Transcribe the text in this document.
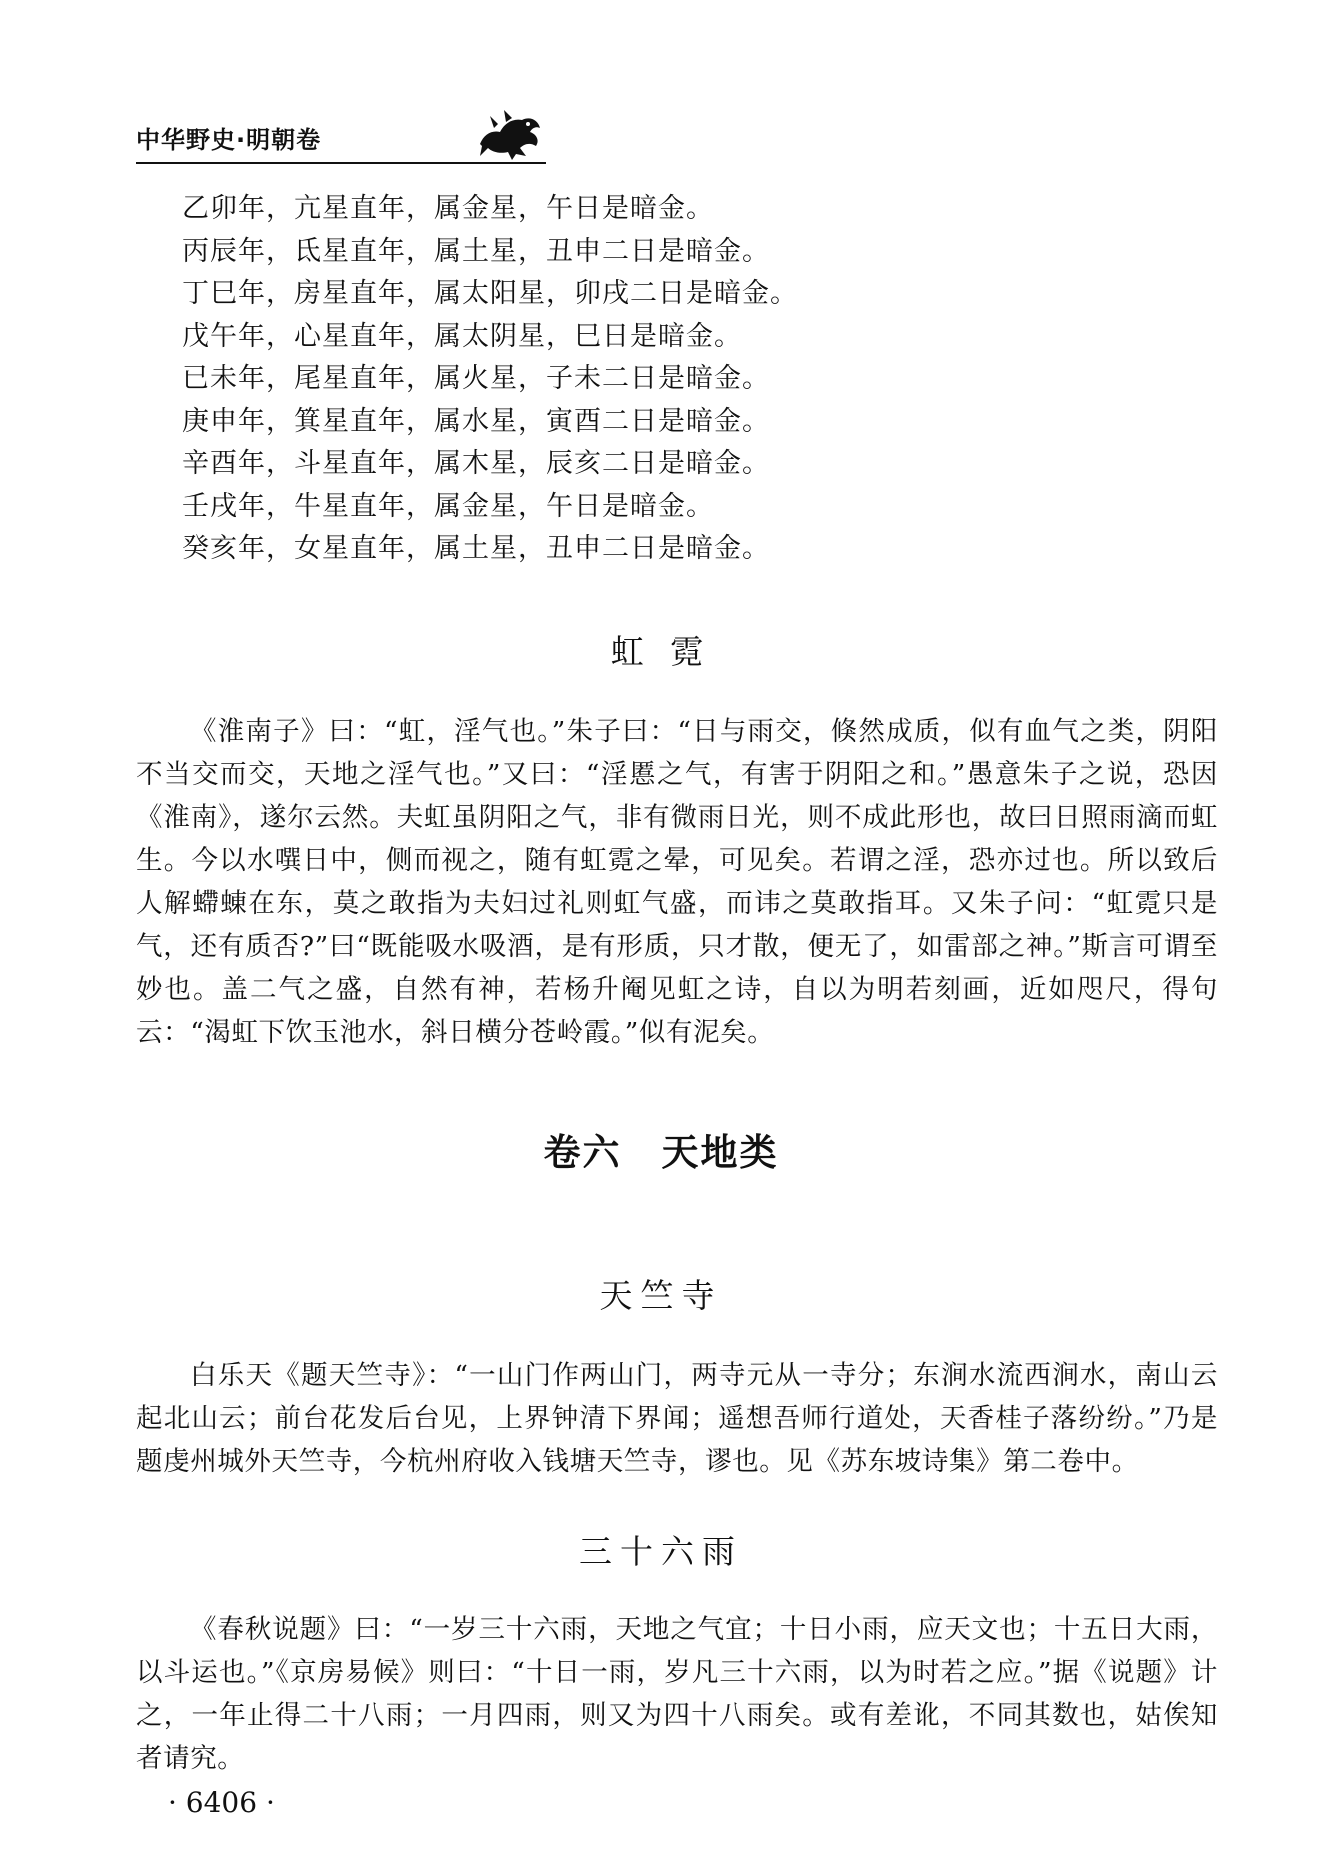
中华野史·明朝卷
乙卯年，亢星直年，属金星，午日是暗金。
丙辰年，氐星直年，属土星，丑申二日是暗金。
丁巳年，房星直年，属太阳星，卯戌二日是暗金。
戊午年，心星直年，属太阴星，巳日是暗金。
已未年，尾星直年，属火星，子未二日是暗金。
庚申年，箕星直年，属水星，寅酉二日是暗金。
辛酉年，斗星直年，属木星，辰亥二日是暗金。
壬戌年，牛星直年，属金星，午日是暗金。
癸亥年，女星直年，属土星，丑申二日是暗金。
虹 霓

《淮南子》曰：“虹，淫气也。”朱子曰：“日与雨交，倏然成质，似有血气之类，阴阳不当交而交，天地之淫气也。”又曰：“淫慝之气，有害于阴阳之和。”愚意朱子之说，恐因《淮南》，遂尔云然。夫虹虽阴阳之气，非有微雨日光，则不成此形也，故曰日照雨滴而虹生。今以水噀日中，侧而视之，随有虹霓之晕，可见矣。若谓之淫，恐亦过也。所以致后人解螮蝀在东，莫之敢指为夫妇过礼则虹气盛，而讳之莫敢指耳。又朱子问：“虹霓只是气，还有质否?”曰“既能吸水吸酒，是有形质，只才散，便无了，如雷部之神。”斯言可谓至妙也。盖二气之盛，自然有神，若杨升阉见虹之诗，自以为明若刻画，近如咫尺，得句云：“渴虹下饮玉池水，斜日横分苍岭霞。”似有泥矣。

卷六 天地类
天竺寺

白乐天《题天竺寺》：“一山门作两山门，两寺元从一寺分；东涧水流西涧水，南山云起北山云；前台花发后台见，上界钟清下界闻；遥想吾师行道处，天香桂子落纷纷。”乃是题虔州城外天竺寺，今杭州府收入钱塘天竺寺，谬也。见《苏东坡诗集》第二卷中。

三十六雨

《春秋说题》曰：“一岁三十六雨，天地之气宜；十日小雨，应天文也；十五日大雨，以斗运也。”《京房易候》则曰：“十日一雨，岁凡三十六雨，以为时若之应。”据《说题》计之，一年止得二十八雨；一月四雨，则又为四十八雨矣。或有差讹，不同其数也，姑俟知者请究。

· 6406 ·
